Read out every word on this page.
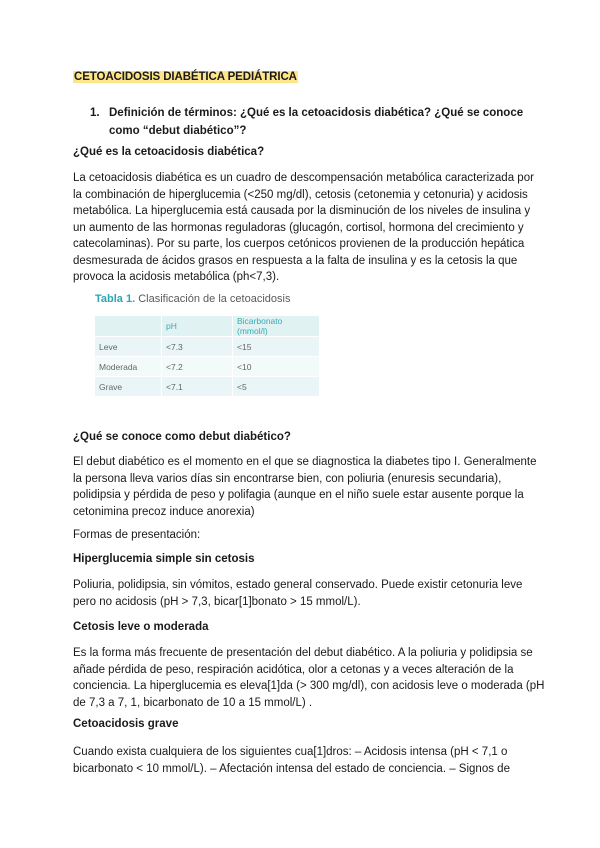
CETOACIDOSIS DIABÉTICA PEDIÁTRICA
1. Definición de términos: ¿Qué es la cetoacidosis diabética? ¿Qué se conoce
como “debut diabético”?
¿Qué es la cetoacidosis diabética?
La cetoacidosis diabética es un cuadro de descompensación metabólica caracterizada por
la combinación de hiperglucemia (<250 mg/dl), cetosis (cetonemia y cetonuria) y acidosis
metabólica. La hiperglucemia está causada por la disminución de los niveles de insulina y
un aumento de las hormonas reguladoras (glucagón, cortisol, hormona del crecimiento y
catecolaminas). Por su parte, los cuerpos cetónicos provienen de la producción hepática
desmesurada de ácidos grasos en respuesta a la falta de insulina y es la cetosis la que
provoca la acidosis metabólica (ph<7,3).
Tabla 1. Clasificación de la cetoacidosis
	pH	Bicarbonato (mmol/l)
Leve	<7.3	<15
Moderada	<7.2	<10
Grave	<7.1	<5
¿Qué se conoce como debut diabético?
El debut diabético es el momento en el que se diagnostica la diabetes tipo I. Generalmente
la persona lleva varios días sin encontrarse bien, con poliuria (enuresis secundaria),
polidipsia y pérdida de peso y polifagia (aunque en el niño suele estar ausente porque la
cetonimina precoz induce anorexia)
Formas de presentación:
Hiperglucemia simple sin cetosis
Poliuria, polidipsia, sin vómitos, estado general conservado. Puede existir cetonuria leve
pero no acidosis (pH > 7,3, bicar[1]bonato > 15 mmol/L).
Cetosis leve o moderada
Es la forma más frecuente de presentación del debut diabético. A la poliuria y polidipsia se
añade pérdida de peso, respiración acidótica, olor a cetonas y a veces alteración de la
conciencia. La hiperglucemia es eleva[1]da (> 300 mg/dl), con acidosis leve o moderada (pH
de 7,3 a 7, 1, bicarbonato de 10 a 15 mmol/L) .
Cetoacidosis grave
Cuando exista cualquiera de los siguientes cua[1]dros: – Acidosis intensa (pH < 7,1 o
bicarbonato < 10 mmol/L). – Afectación intensa del estado de conciencia. – Signos de
